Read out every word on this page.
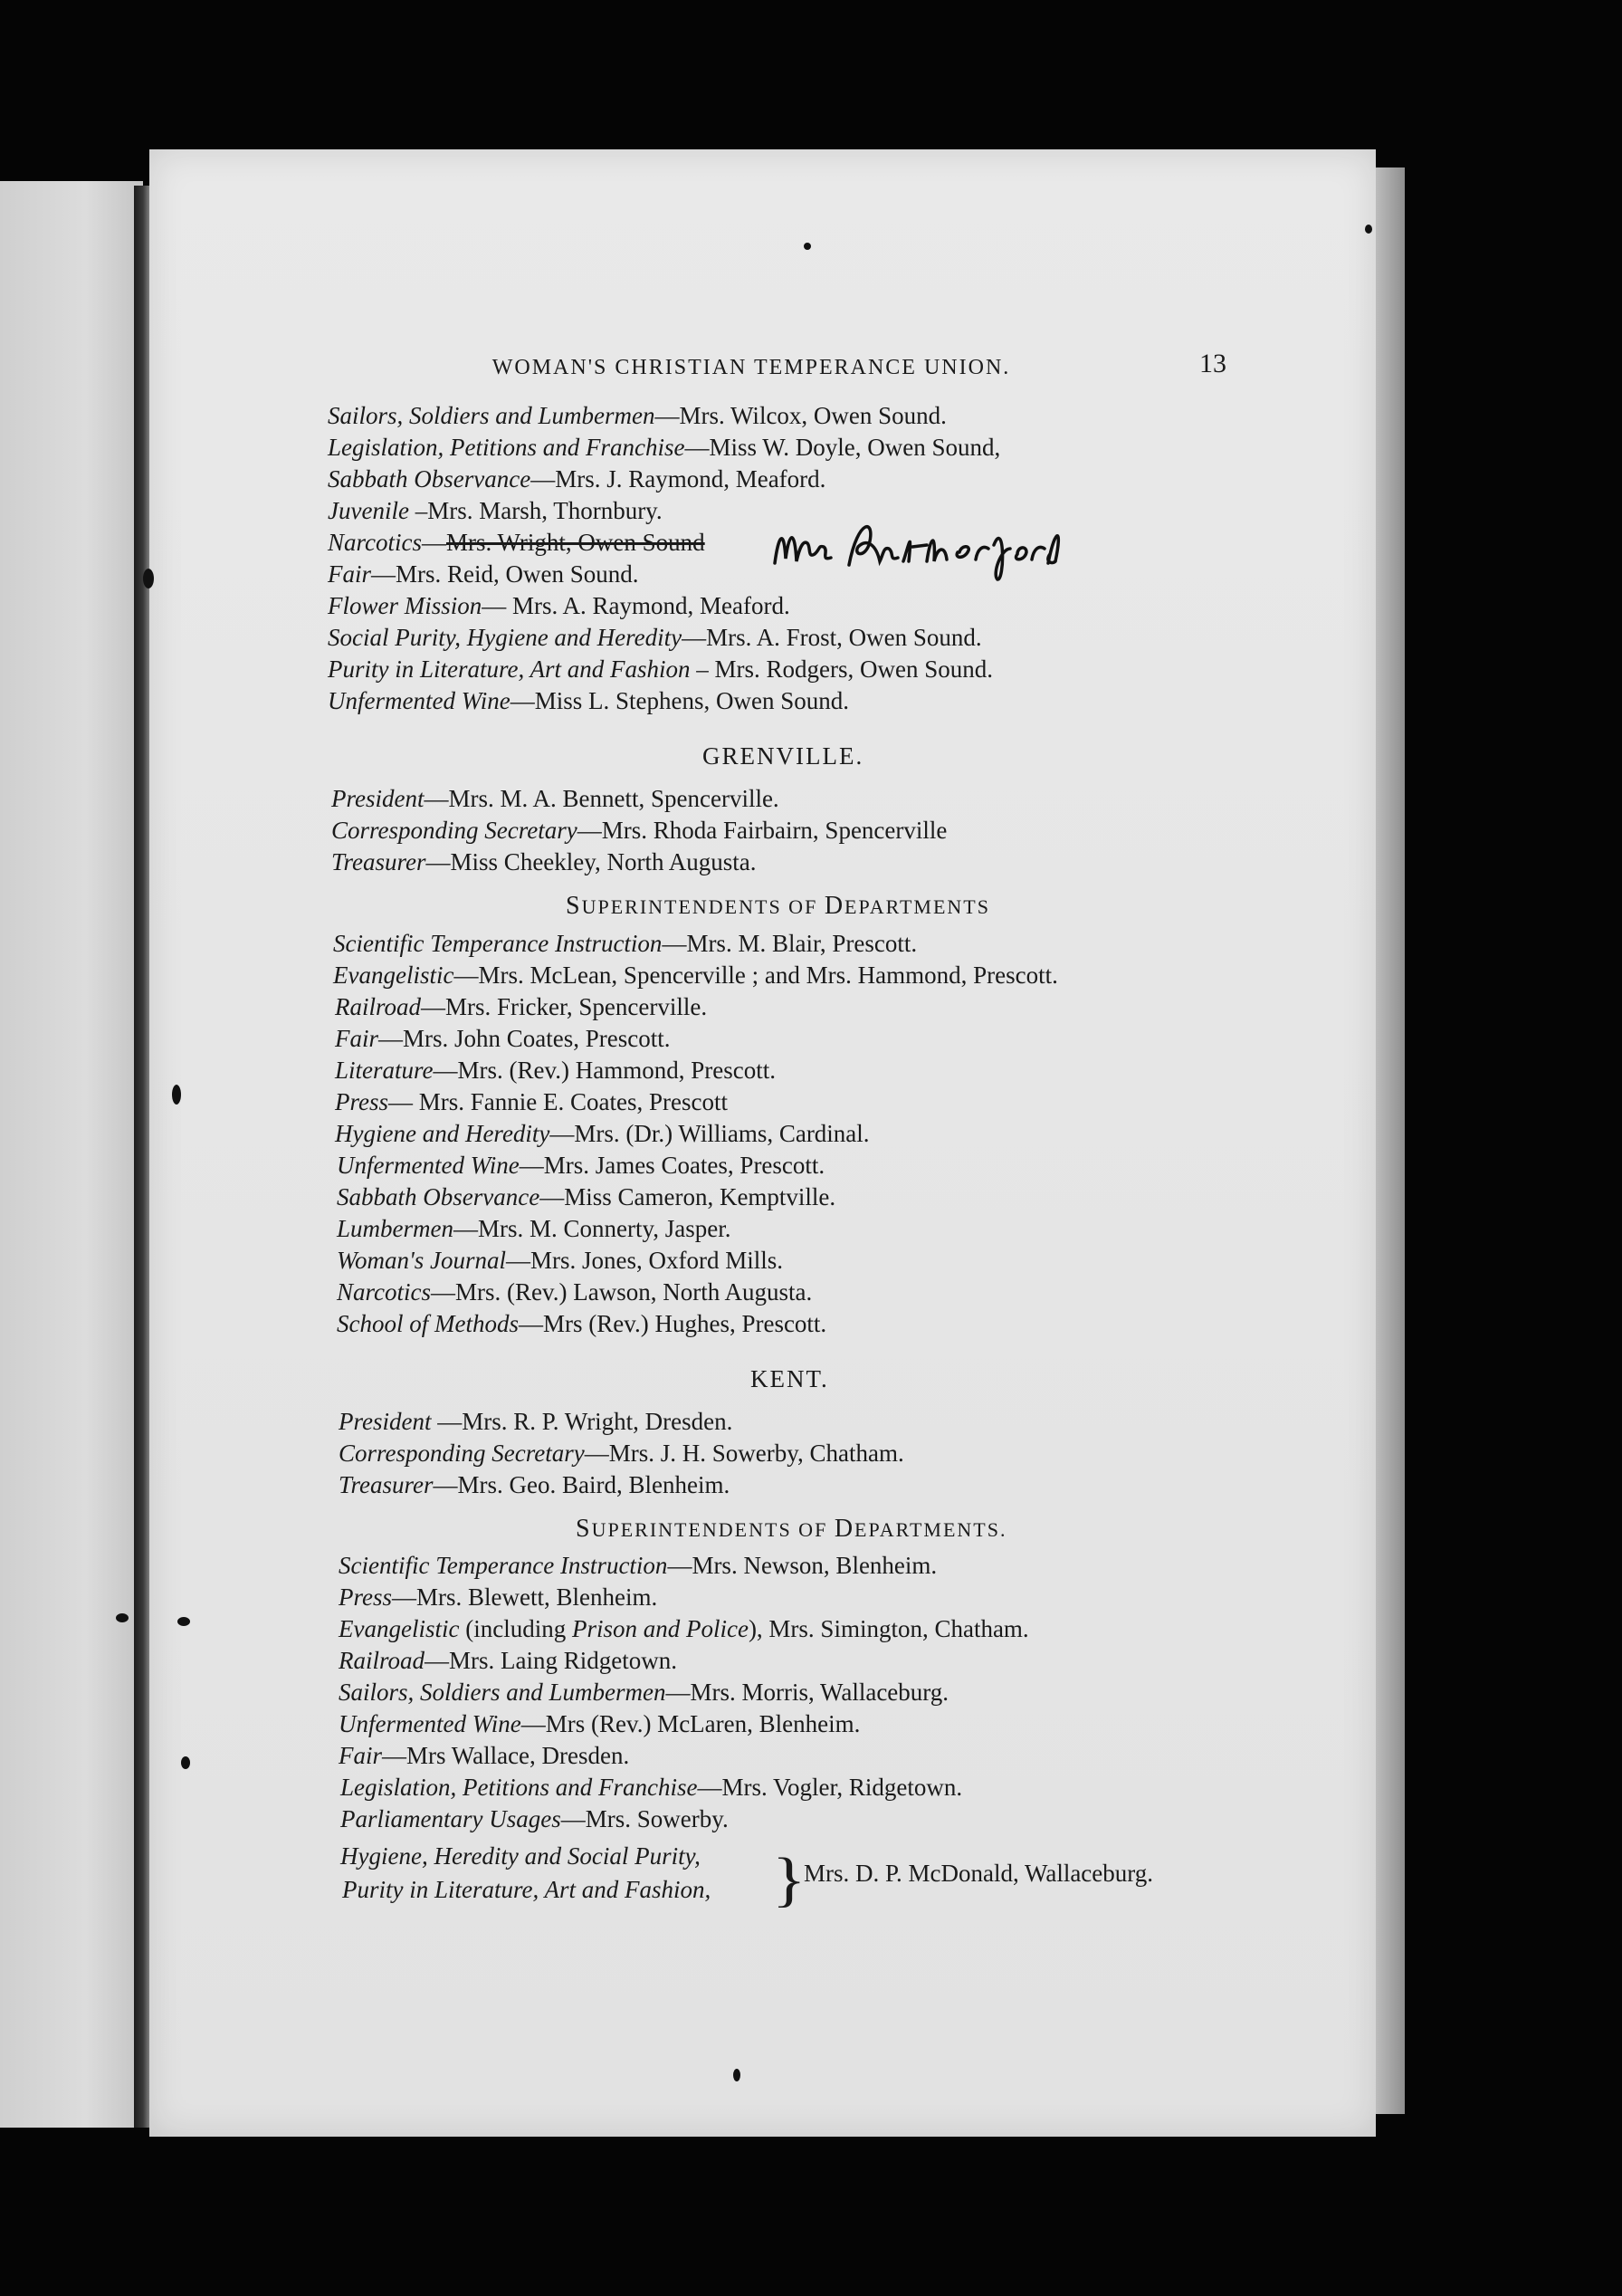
WOMAN'S CHRISTIAN TEMPERANCE UNION.	13
Sailors, Soldiers and Lumbermen—Mrs. Wilcox, Owen Sound.
Legislation, Petitions and Franchise—Miss W. Doyle, Owen Sound,
Sabbath Observance—Mrs. J. Raymond, Meaford.
Juvenile –Mrs. Marsh, Thornbury.
Narcotics—Mrs. Wright, Owen Sound
Fair—Mrs. Reid, Owen Sound.
Flower Mission— Mrs. A. Raymond, Meaford.
Social Purity, Hygiene and Heredity—Mrs. A. Frost, Owen Sound.
Purity in Literature, Art and Fashion – Mrs. Rodgers, Owen Sound.
Unfermented Wine—Miss L. Stephens, Owen Sound.
GRENVILLE.
President—Mrs. M. A. Bennett, Spencerville.
Corresponding Secretary—Mrs. Rhoda Fairbairn, Spencerville
Treasurer—Miss Cheekley, North Augusta.
SUPERINTENDENTS OF DEPARTMENTS
Scientific Temperance Instruction—Mrs. M. Blair, Prescott.
Evangelistic—Mrs. McLean, Spencerville ; and Mrs. Hammond, Prescott.
Railroad—Mrs. Fricker, Spencerville.
Fair—Mrs. John Coates, Prescott.
Literature—Mrs. (Rev.) Hammond, Prescott.
Press— Mrs. Fannie E. Coates, Prescott
Hygiene and Heredity—Mrs. (Dr.) Williams, Cardinal.
Unfermented Wine—Mrs. James Coates, Prescott.
Sabbath Observance—Miss Cameron, Kemptville.
Lumbermen—Mrs. M. Connerty, Jasper.
Woman's Journal—Mrs. Jones, Oxford Mills.
Narcotics—Mrs. (Rev.) Lawson, North Augusta.
School of Methods—Mrs (Rev.) Hughes, Prescott.
KENT.
President —Mrs. R. P. Wright, Dresden.
Corresponding Secretary—Mrs. J. H. Sowerby, Chatham.
Treasurer—Mrs. Geo. Baird, Blenheim.
SUPERINTENDENTS OF DEPARTMENTS.
Scientific Temperance Instruction—Mrs. Newson, Blenheim.
Press—Mrs. Blewett, Blenheim.
Evangelistic (including Prison and Police), Mrs. Simington, Chatham.
Railroad—Mrs. Laing Ridgetown.
Sailors, Soldiers and Lumbermen—Mrs. Morris, Wallaceburg.
Unfermented Wine—Mrs (Rev.) McLaren, Blenheim.
Fair—Mrs Wallace, Dresden.
Legislation, Petitions and Franchise—Mrs. Vogler, Ridgetown.
Parliamentary Usages—Mrs. Sowerby.
Hygiene, Heredity and Social Purity,
Purity in Literature, Art and Fashion, }
Mrs. D. P. McDonald, Wallaceburg.
